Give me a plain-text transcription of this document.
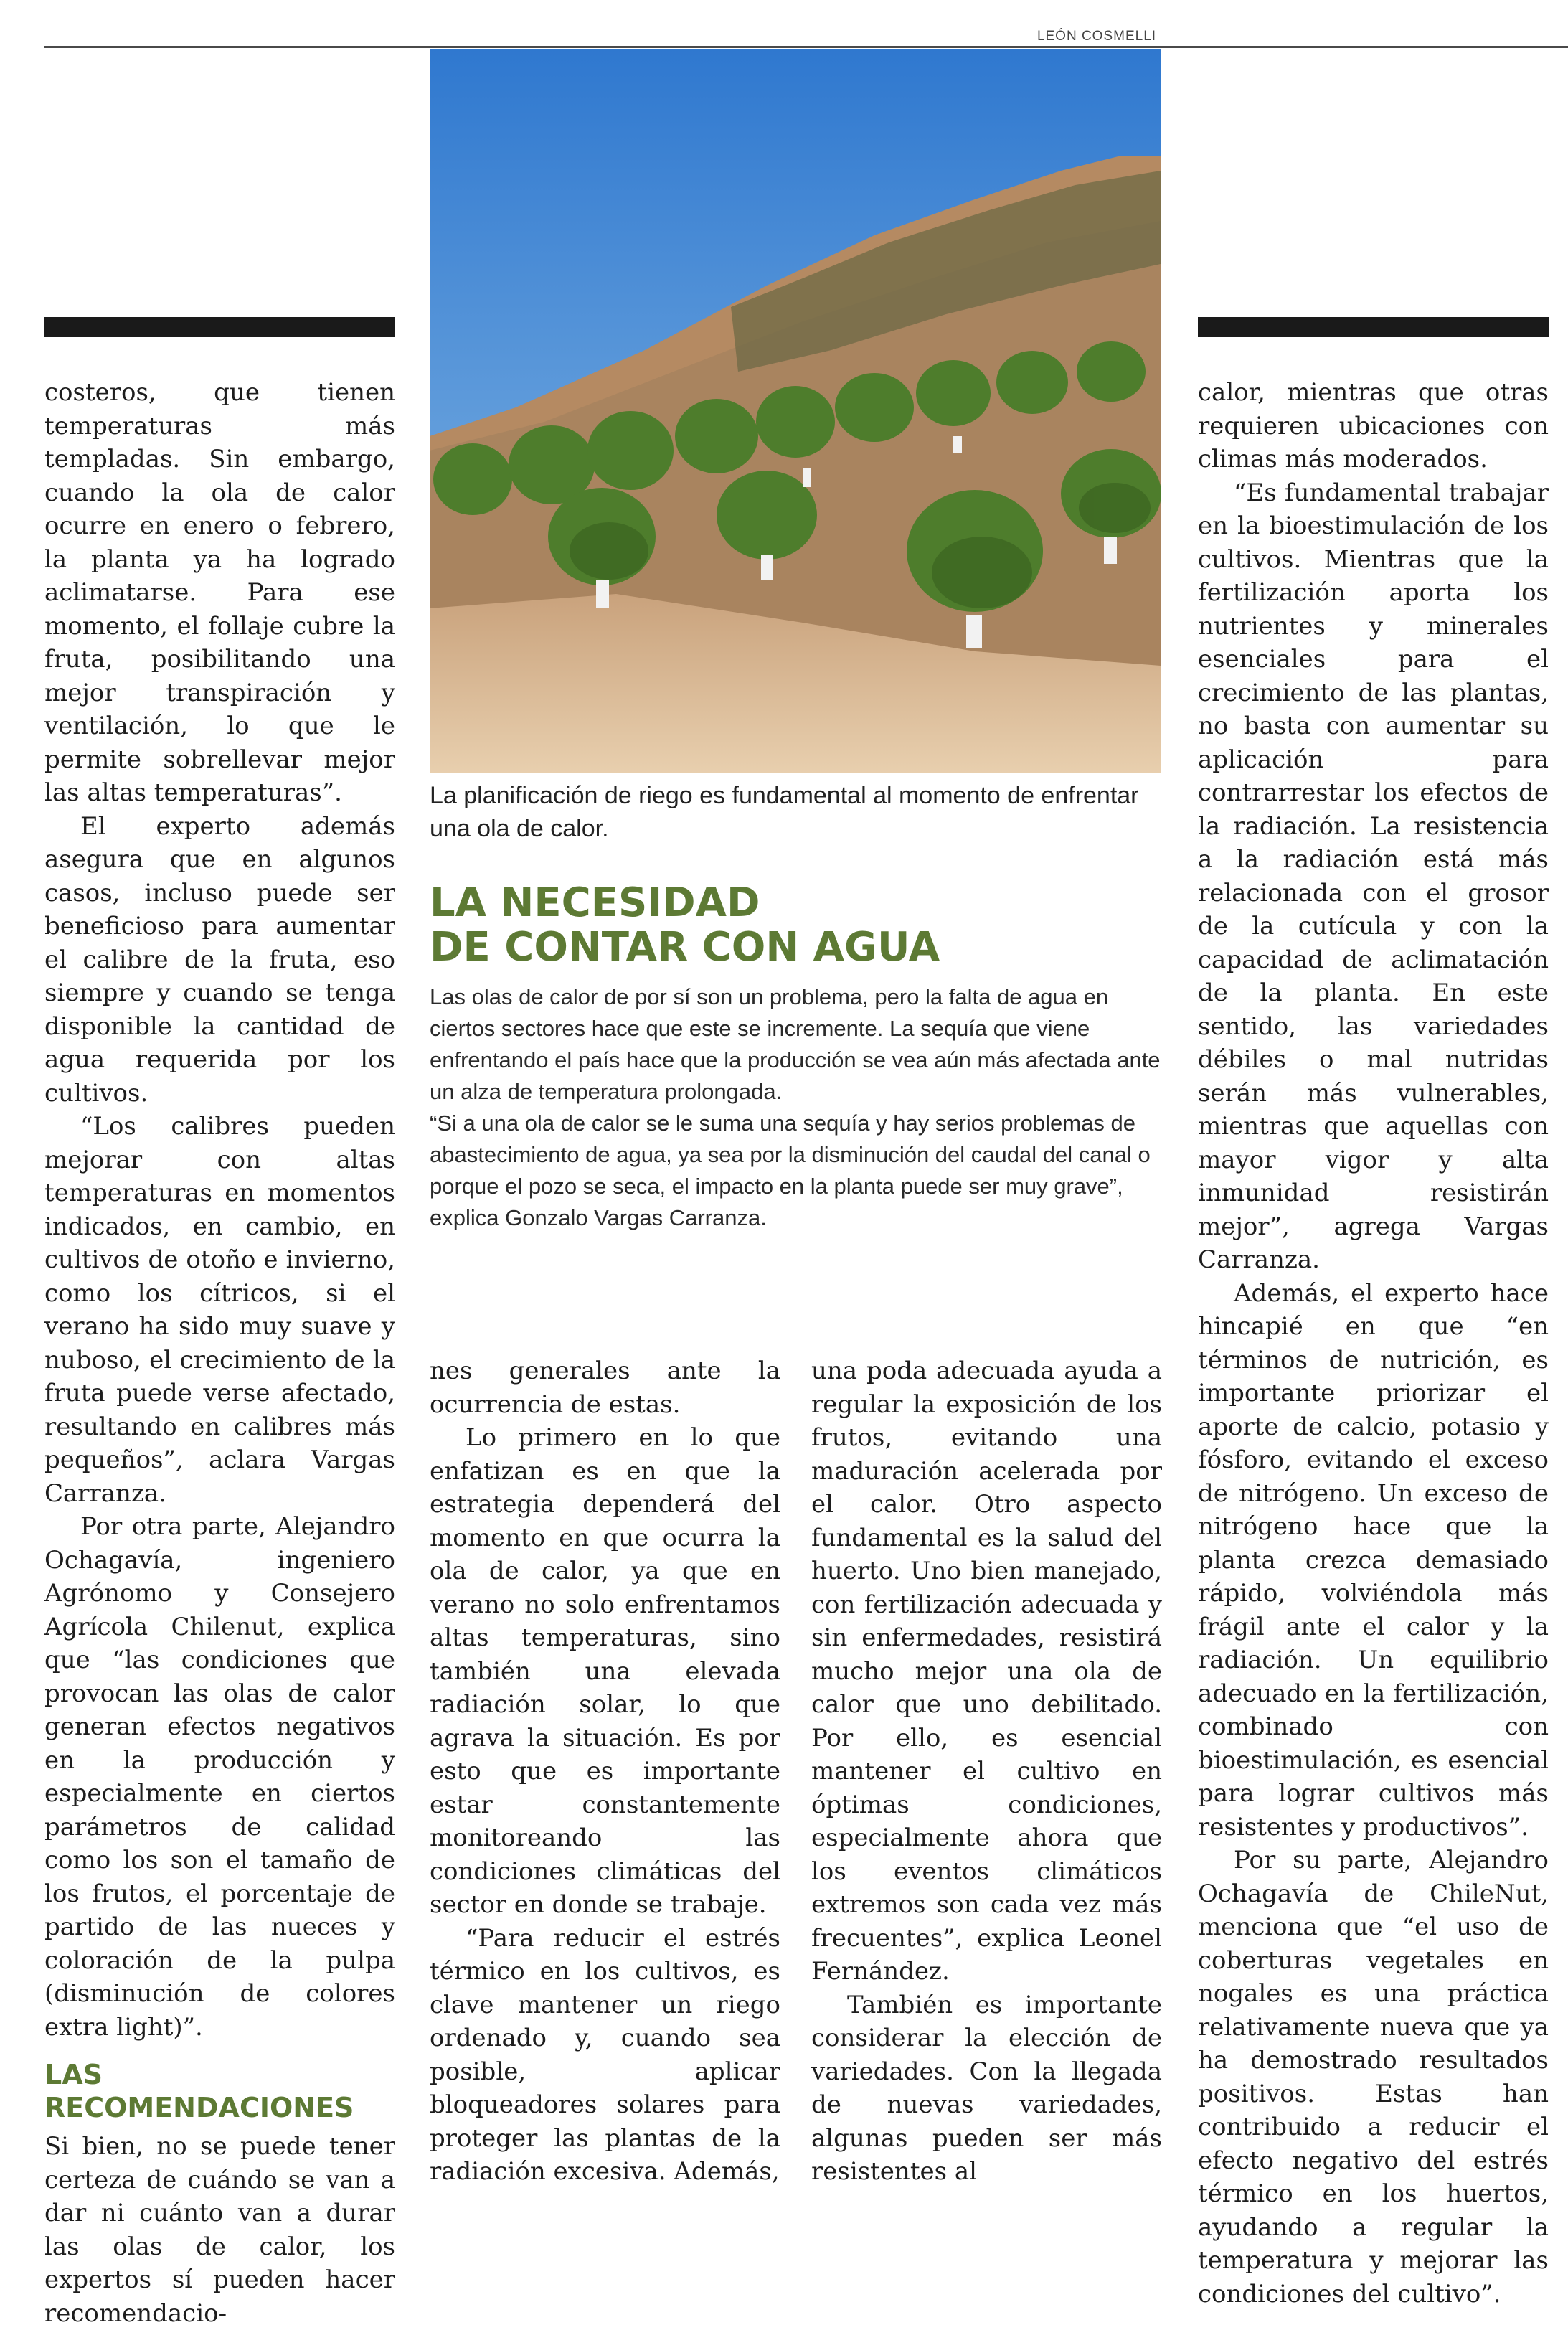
LEÓN COSMELLI
La planificación de riego es fundamental al momento de enfrentar una ola de calor.
LA NECESIDAD
DE CONTAR CON AGUA

Las olas de calor de por sí son un problema, pero la falta de agua en ciertos sectores hace que este se incremente. La sequía que viene enfrentando el país hace que la producción se vea aún más afectada ante un alza de temperatura prolongada.

“Si a una ola de calor se le suma una sequía y hay serios problemas de abastecimiento de agua, ya sea por la disminución del caudal del canal o porque el pozo se seca, el impacto en la planta puede ser muy grave”, explica Gonzalo Vargas Carranza.

costeros, que tienen temperaturas más templadas. Sin embargo, cuando la ola de calor ocurre en enero o febrero, la planta ya ha logrado aclimatarse. Para ese momento, el follaje cubre la fruta, posibilitando una mejor transpiración y ventilación, lo que le permite sobrellevar mejor las altas temperaturas”.

El experto además asegura que en algunos casos, incluso puede ser beneficioso para aumentar el calibre de la fruta, eso siempre y cuando se tenga disponible la cantidad de agua requerida por los cultivos.

“Los calibres pueden mejorar con altas temperaturas en momentos indicados, en cambio, en cultivos de otoño e invierno, como los cítricos, si el verano ha sido muy suave y nuboso, el crecimiento de la fruta puede verse afectado, resultando en calibres más pequeños”, aclara Vargas Carranza.

Por otra parte, Alejandro Ochagavía, ingeniero Agrónomo y Consejero Agrícola Chilenut, explica que “las condiciones que provocan las olas de calor generan efectos negativos en la producción y especialmente en ciertos parámetros de calidad como los son el tamaño de los frutos, el porcentaje de partido de las nueces y coloración de la pulpa (disminución de colores extra light)”.

LAS RECOMENDACIONES

Si bien, no se puede tener certeza de cuándo se van a dar ni cuánto van a durar las olas de calor, los expertos sí pueden hacer recomendacio-

nes generales ante la ocurrencia de estas.

Lo primero en lo que enfatizan es en que la estrategia dependerá del momento en que ocurra la ola de calor, ya que en verano no solo enfrentamos altas temperaturas, sino también una elevada radiación solar, lo que agrava la situación. Es por esto que es importante estar constantemente monitoreando las condiciones climáticas del sector en donde se trabaje.

“Para reducir el estrés térmico en los cultivos, es clave mantener un riego ordenado y, cuando sea posible, aplicar bloqueadores solares para proteger las plantas de la radiación excesiva. Además,

una poda adecuada ayuda a regular la exposición de los frutos, evitando una maduración acelerada por el calor. Otro aspecto fundamental es la salud del huerto. Uno bien manejado, con fertilización adecuada y sin enfermedades, resistirá mucho mejor una ola de calor que uno debilitado. Por ello, es esencial mantener el cultivo en óptimas condiciones, especialmente ahora que los eventos climáticos extremos son cada vez más frecuentes”, explica Leonel Fernández.

También es importante considerar la elección de variedades. Con la llegada de nuevas variedades, algunas pueden ser más resistentes al

calor, mientras que otras requieren ubicaciones con climas más moderados.

“Es fundamental trabajar en la bioestimulación de los cultivos. Mientras que la fertilización aporta los nutrientes y minerales esenciales para el crecimiento de las plantas, no basta con aumentar su aplicación para contrarrestar los efectos de la radiación. La resistencia a la radiación está más relacionada con el grosor de la cutícula y con la capacidad de aclimatación de la planta. En este sentido, las variedades débiles o mal nutridas serán más vulnerables, mientras que aquellas con mayor vigor y alta inmunidad resistirán mejor”, agrega Vargas Carranza.

Además, el experto hace hincapié en que “en términos de nutrición, es importante priorizar el aporte de calcio, potasio y fósforo, evitando el exceso de nitrógeno. Un exceso de nitrógeno hace que la planta crezca demasiado rápido, volviéndola más frágil ante el calor y la radiación. Un equilibrio adecuado en la fertilización, combinado con bioestimulación, es esencial para lograr cultivos más resistentes y productivos”.

Por su parte, Alejandro Ochagavía de ChileNut, menciona que “el uso de coberturas vegetales en nogales es una práctica relativamente nueva que ya ha demostrado resultados positivos. Estas han contribuido a reducir el efecto negativo del estrés térmico en los huertos, ayudando a regular la temperatura y mejorar las condiciones del cultivo”.
